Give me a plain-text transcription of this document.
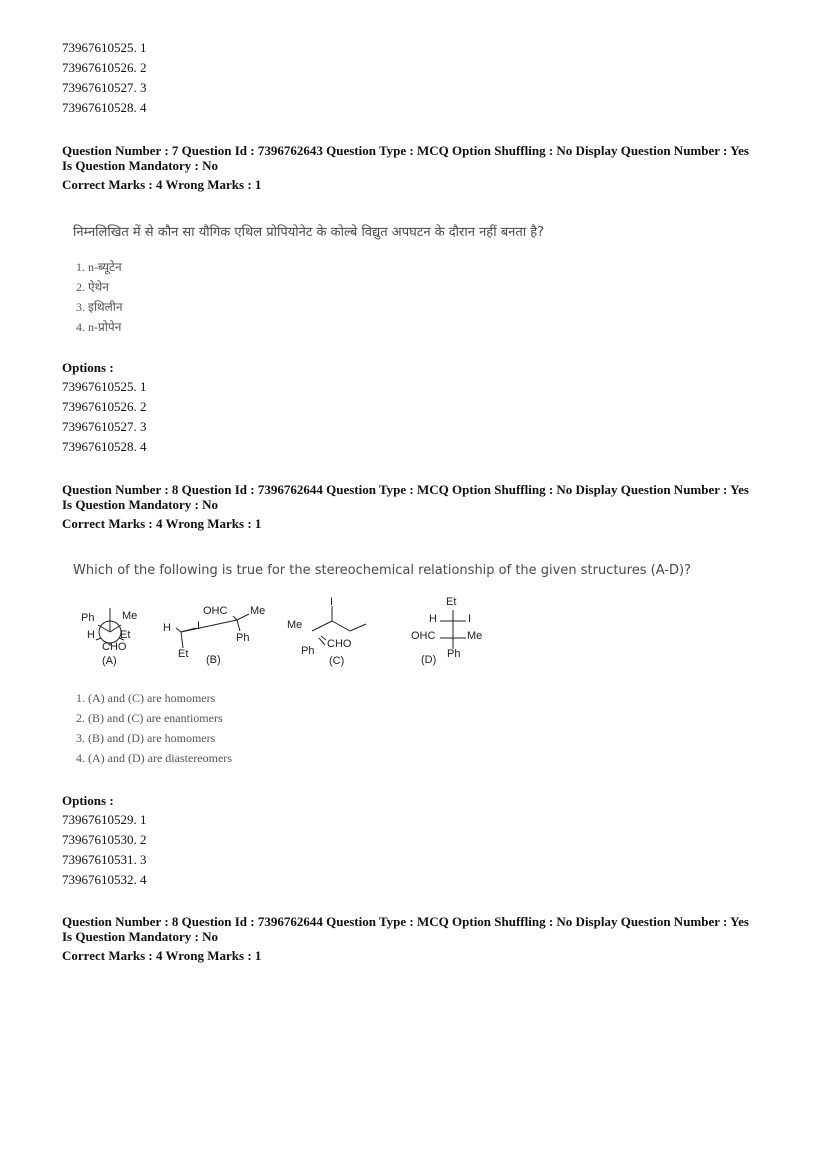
73967610525. 1
73967610526. 2
73967610527. 3
73967610528. 4
Question Number : 7 Question Id : 7396762643 Question Type : MCQ Option Shuffling : No Display Question Number : Yes
Is Question Mandatory : No
Correct Marks : 4 Wrong Marks : 1
निम्नलिखित में से कौन सा यौगिक एथिल प्रोपियोनेट के कोल्बे विद्युत अपघटन के दौरान नहीं बनता है?
1. n-ब्यूटेन
2. ऐथेन
3. इथिलीन
4. n-प्रोपेन
Options :
73967610525. 1
73967610526. 2
73967610527. 3
73967610528. 4
Question Number : 8 Question Id : 7396762644 Question Type : MCQ Option Shuffling : No Display Question Number : Yes
Is Question Mandatory : No
Correct Marks : 4 Wrong Marks : 1
Which of the following is true for the stereochemical relationship of the given structures (A-D)?
Ph	Me
H Et
CHO
(A)
OHC Me
H I
Ph
Et (B)
I
Me
CHO
Ph
(C)
Et
H	I
OHC	Me
Ph
(D)
1. (A) and (C) are homomers
2. (B) and (C) are enantiomers
3. (B) and (D) are homomers
4. (A) and (D) are diastereomers
Options :
73967610529. 1
73967610530. 2
73967610531. 3
73967610532. 4
Question Number : 8 Question Id : 7396762644 Question Type : MCQ Option Shuffling : No Display Question Number : Yes
Is Question Mandatory : No
Correct Marks : 4 Wrong Marks : 1
